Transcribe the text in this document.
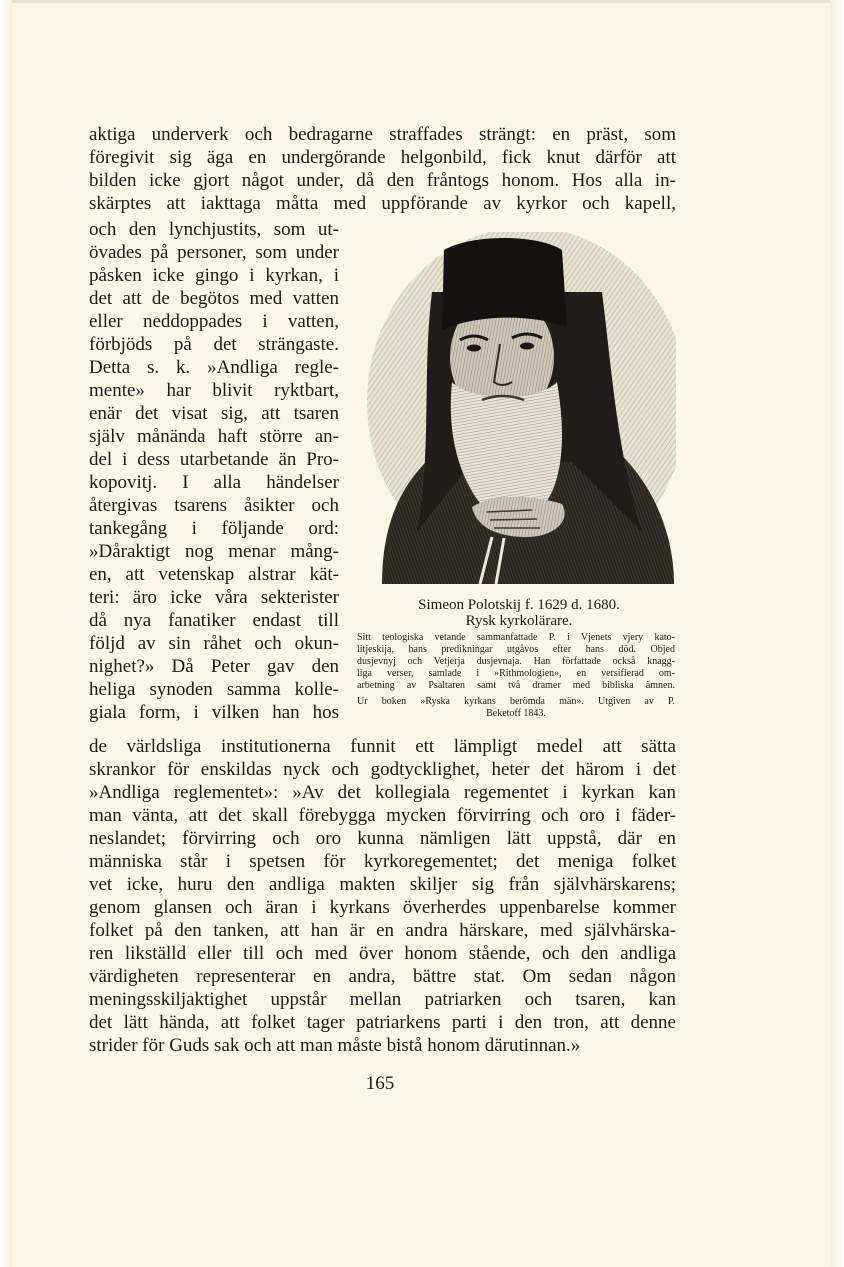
aktiga underverk och bedragarne straffades strängt: en präst, som
föregivit sig äga en undergörande helgonbild, fick knut därför att
bilden icke gjort något under, då den fråntogs honom. Hos alla in-
skärptes att iakttaga måtta med uppförande av kyrkor och kapell,
och den lynchjustits, som ut-
övades på personer, som under
påsken icke gingo i kyrkan, i
det att de begötos med vatten
eller neddoppades i vatten,
förbjöds på det strängaste.
Detta s. k. »Andliga regle-
mente» har blivit ryktbart,
enär det visat sig, att tsaren
själv månända haft större an-
del i dess utarbetande än Pro-
kopovitj. I alla händelser
återgivas tsarens åsikter och
tankegång i följande ord:
»Dåraktigt nog menar mång-
en, att vetenskap alstrar kät-
teri: äro icke våra sekterister
då nya fanatiker endast till
följd av sin råhet och okun-
nighet?» Då Peter gav den
heliga synoden samma kolle-
giala form, i vilken han hos
Simeon Polotskij f. 1629 d. 1680.
Rysk kyrkolärare.
Sitt teologiska vetande sammanfattade P. i Vjenets vjery kato-
litjeskija, hans predikningar utgåvos efter hans död. Objed
dusjevnyj och Vetjerja dusjevnaja. Han författade också knagg-
liga verser, samlade i »Rithmologien», en versifierad om-
arbetning av Psaltaren samt två dramer med bibliska ämnen.
Ur boken »Ryska kyrkans berömda män». Utgiven av P.
Beketoff 1843.
de världsliga institutionerna funnit ett lämpligt medel att sätta
skrankor för enskildas nyck och godtycklighet, heter det härom i det
»Andliga reglementet»: »Av det kollegiala regementet i kyrkan kan
man vänta, att det skall förebygga mycken förvirring och oro i fäder-
neslandet; förvirring och oro kunna nämligen lätt uppstå, där en
människa står i spetsen för kyrkoregementet; det meniga folket
vet icke, huru den andliga makten skiljer sig från självhärskarens;
genom glansen och äran i kyrkans överherdes uppenbarelse kommer
folket på den tanken, att han är en andra härskare, med självhärska-
ren likställd eller till och med över honom stående, och den andliga
värdigheten representerar en andra, bättre stat. Om sedan någon
meningsskiljaktighet uppstår mellan patriarken och tsaren, kan
det lätt hända, att folket tager patriarkens parti i den tron, att denne
strider för Guds sak och att man måste bistå honom därutinnan.»
165
